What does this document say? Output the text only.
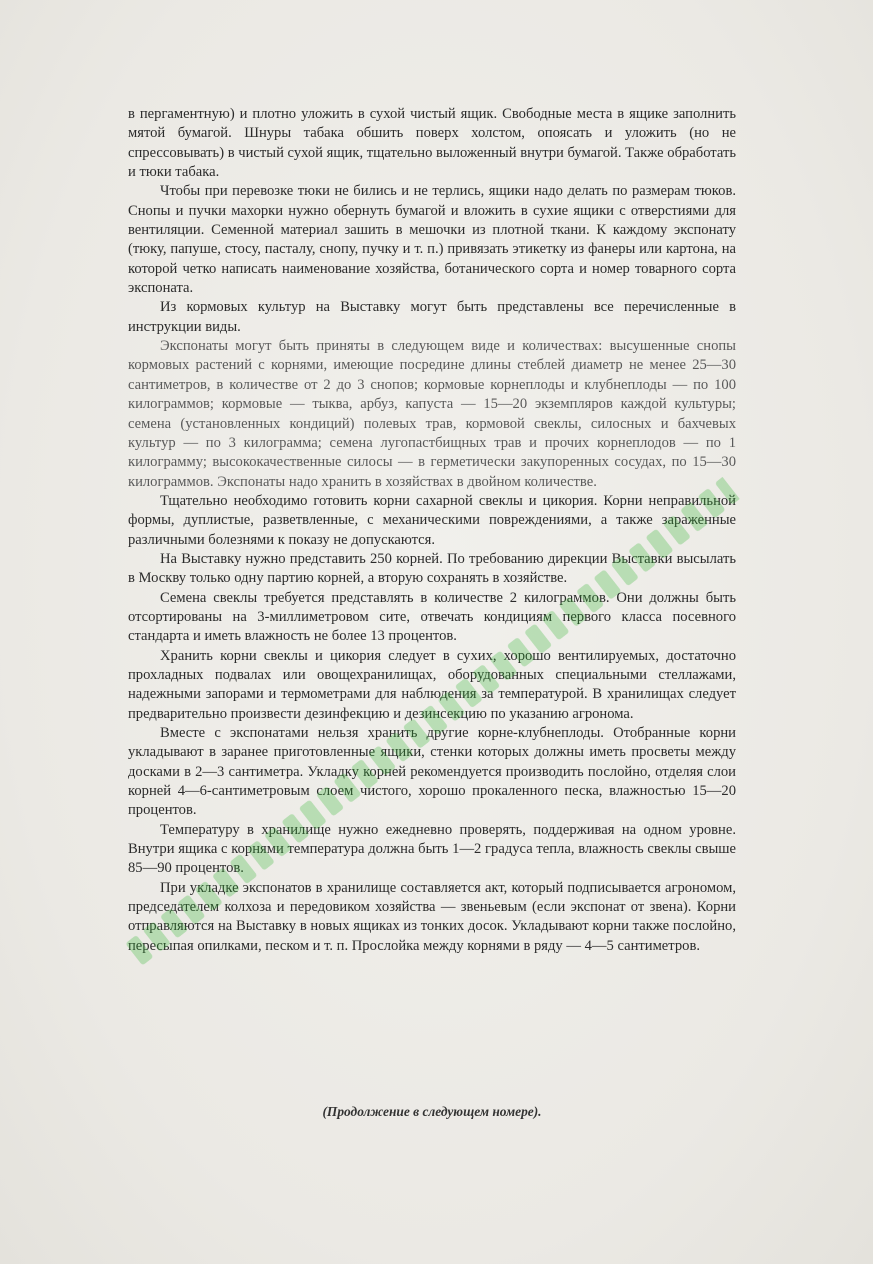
в пергаментную) и плотно уложить в сухой чистый ящик. Свободные места в ящике заполнить мятой бумагой. Шнуры табака обшить поверх холстом, опоясать и уложить (но не спрессовывать) в чистый сухой ящик, тщательно выложенный внутри бумагой. Также обработать и тюки табака.

Чтобы при перевозке тюки не бились и не терлись, ящики надо делать по размерам тюков. Снопы и пучки махорки нужно обернуть бумагой и вложить в сухие ящики с отверстиями для вентиляции. Семенной материал зашить в мешочки из плотной ткани. К каждому экспонату (тюку, папуше, стосу, пасталу, снопу, пучку и т. п.) привязать этикетку из фанеры или картона, на которой четко написать наименование хозяйства, ботанического сорта и номер товарного сорта экспоната.

Из кормовых культур на Выставку могут быть представлены все перечисленные в инструкции виды.

Экспонаты могут быть приняты в следующем виде и количествах: высушенные снопы кормовых растений с корнями, имеющие посредине длины стеблей диаметр не менее 25—30 сантиметров, в количестве от 2 до 3 снопов; кормовые корнеплоды и клубнеплоды — по 100 килограммов; кормовые — тыква, арбуз, капуста — 15—20 экземпляров каждой культуры; семена (установленных кондиций) полевых трав, кормовой свеклы, силосных и бахчевых культур — по 3 килограмма; семена лугопастбищных трав и прочих корнеплодов — по 1 килограмму; высококачественные силосы — в герметически закупоренных сосудах, по 15—30 килограммов. Экспонаты надо хранить в хозяйствах в двойном количестве.

Тщательно необходимо готовить корни сахарной свеклы и цикория. Корни неправильной формы, дуплистые, разветвленные, с механическими повреждениями, а также зараженные различными болезнями к показу не допускаются.

На Выставку нужно представить 250 корней. По требованию дирекции Выставки высылать в Москву только одну партию корней, а вторую сохранять в хозяйстве.

Семена свеклы требуется представлять в количестве 2 килограммов. Они должны быть отсортированы на 3-миллиметровом сите, отвечать кондициям первого класса посевного стандарта и иметь влажность не более 13 процентов.

Хранить корни свеклы и цикория следует в сухих, хорошо вентилируемых, достаточно прохладных подвалах или овощехранилищах, оборудованных специальными стеллажами, надежными запорами и термометрами для наблюдения за температурой. В хранилищах следует предварительно произвести дезинфекцию и дезинсекцию по указанию агронома.

Вместе с экспонатами нельзя хранить другие корне-клубнеплоды. Отобранные корни укладывают в заранее приготовленные ящики, стенки которых должны иметь просветы между досками в 2—3 сантиметра. Укладку корней рекомендуется производить послойно, отделяя слои корней 4—6-сантиметровым слоем чистого, хорошо прокаленного песка, влажностью 15—20 процентов.

Температуру в хранилище нужно ежедневно проверять, поддерживая на одном уровне. Внутри ящика с корнями температура должна быть 1—2 градуса тепла, влажность свеклы свыше 85—90 процентов.

При укладке экспонатов в хранилище составляется акт, который подписывается агрономом, председателем колхоза и передовиком хозяйства — звеньевым (если экспонат от звена). Корни отправляются на Выставку в новых ящиках из тонких досок. Укладывают корни также послойно, пересыпая опилками, песком и т. п. Прослойка между корнями в ряду — 4—5 сантиметров.

(Продолжение в следующем номере).
